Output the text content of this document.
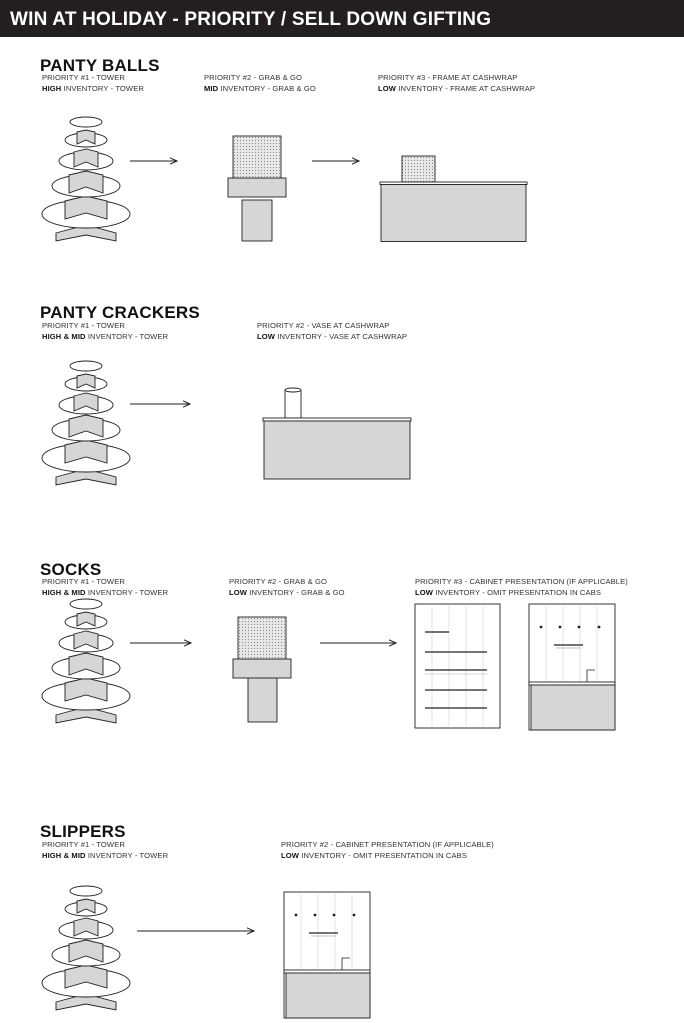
WIN AT HOLIDAY - PRIORITY / SELL DOWN GIFTING
PANTY BALLS
PRIORITY #1 - TOWER
HIGH INVENTORY - TOWER
PRIORITY #2 - GRAB & GO
MID INVENTORY - GRAB & GO
PRIORITY #3 - FRAME AT CASHWRAP
LOW INVENTORY - FRAME AT CASHWRAP
PANTY CRACKERS
PRIORITY #1 - TOWER
HIGH & MID INVENTORY - TOWER
PRIORITY #2 - VASE AT CASHWRAP
LOW INVENTORY - VASE AT CASHWRAP
SOCKS
PRIORITY #1 - TOWER
HIGH & MID INVENTORY - TOWER
PRIORITY #2 - GRAB & GO
LOW INVENTORY - GRAB & GO
PRIORITY #3 - CABINET PRESENTATION (IF APPLICABLE)
LOW INVENTORY - OMIT PRESENTATION IN CABS
SLIPPERS
PRIORITY #1 - TOWER
HIGH & MID INVENTORY - TOWER
PRIORITY #2 - CABINET PRESENTATION (IF APPLICABLE)
LOW INVENTORY - OMIT PRESENTATION IN CABS
